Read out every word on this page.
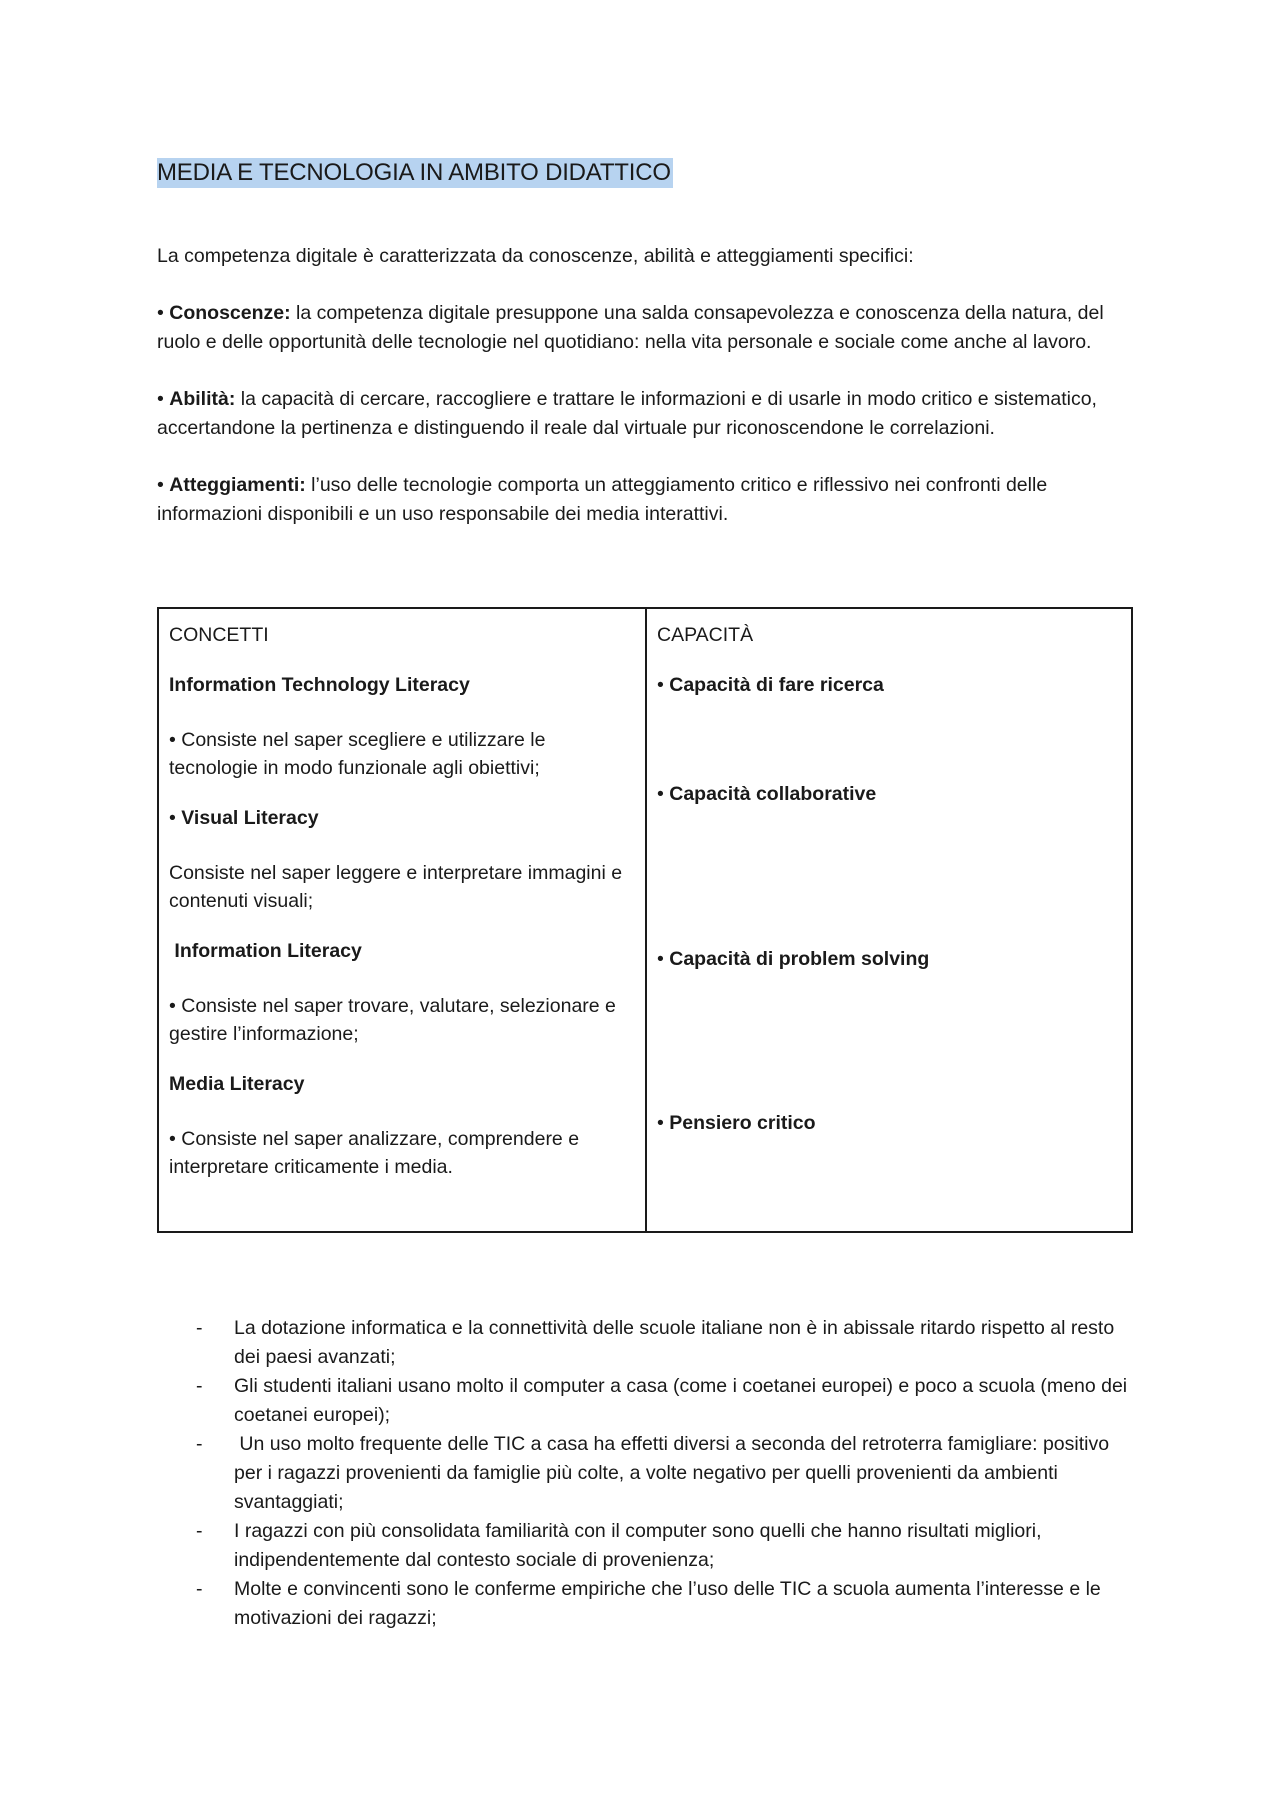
MEDIA E TECNOLOGIA IN AMBITO DIDATTICO

La competenza digitale è caratterizzata da conoscenze, abilità e atteggiamenti specifici:

• Conoscenze: la competenza digitale presuppone una salda consapevolezza e conoscenza della natura, del ruolo e delle opportunità delle tecnologie nel quotidiano: nella vita personale e sociale come anche al lavoro.

• Abilità: la capacità di cercare, raccogliere e trattare le informazioni e di usarle in modo critico e sistematico, accertandone la pertinenza e distinguendo il reale dal virtuale pur riconoscendone le correlazioni.

• Atteggiamenti: l’uso delle tecnologie comporta un atteggiamento critico e riflessivo nei confronti delle informazioni disponibili e un uso responsabile dei media interattivi.

CONCETTI

Information Technology Literacy

• Consiste nel saper scegliere e utilizzare le tecnologie in modo funzionale agli obiettivi;

• Visual Literacy

Consiste nel saper leggere e interpretare immagini e contenuti visuali;

Information Literacy

• Consiste nel saper trovare, valutare, selezionare e gestire l’informazione;

Media Literacy

• Consiste nel saper analizzare, comprendere e interpretare criticamente i media.

CAPACITÀ

• Capacità di fare ricerca
• Capacità collaborative
• Capacità di problem solving
• Pensiero critico
- La dotazione informatica e la connettività delle scuole italiane non è in abissale ritardo rispetto al resto dei paesi avanzati;
- Gli studenti italiani usano molto il computer a casa (come i coetanei europei) e poco a scuola (meno dei coetanei europei);
- Un uso molto frequente delle TIC a casa ha effetti diversi a seconda del retroterra famigliare: positivo per i ragazzi provenienti da famiglie più colte, a volte negativo per quelli provenienti da ambienti svantaggiati;
- I ragazzi con più consolidata familiarità con il computer sono quelli che hanno risultati migliori, indipendentemente dal contesto sociale di provenienza;
- Molte e convincenti sono le conferme empiriche che l’uso delle TIC a scuola aumenta l’interesse e le motivazioni dei ragazzi;
